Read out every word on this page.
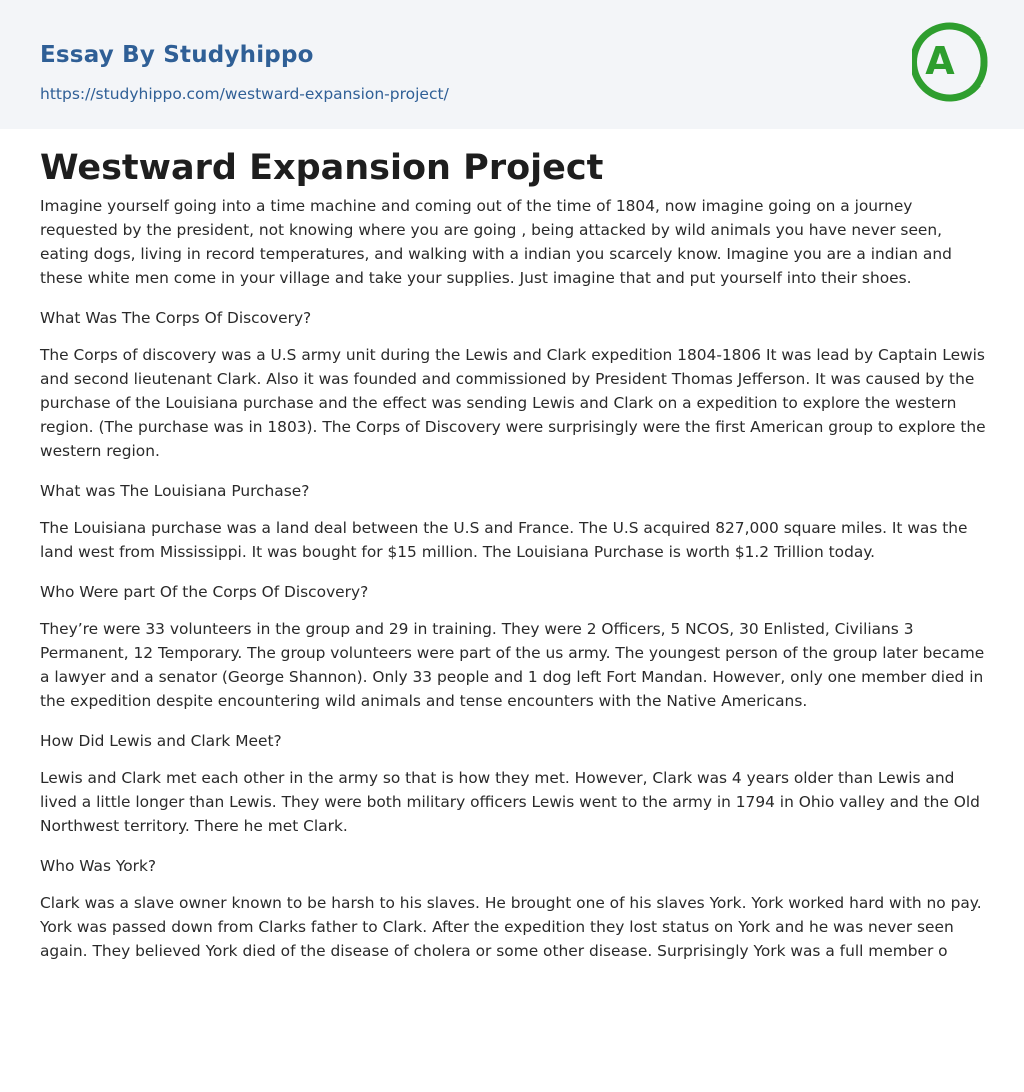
Essay By Studyhippo
https://studyhippo.com/westward-expansion-project/
A
Westward Expansion Project

Imagine yourself going into a time machine and coming out of the time of 1804, now imagine going on a journey requested by the president, not knowing where you are going , being attacked by wild animals you have never seen, eating dogs, living in record temperatures, and walking with a indian you scarcely know. Imagine you are a indian and these white men come in your village and take your supplies. Just imagine that and put yourself into their shoes.

What Was The Corps Of Discovery?

The Corps of discovery was a U.S army unit during the Lewis and Clark expedition 1804-1806 It was lead by Captain Lewis and second lieutenant Clark. Also it was founded and commissioned by President Thomas Jefferson. It was caused by the purchase of the Louisiana purchase and the effect was sending Lewis and Clark on a expedition to explore the western region. (The purchase was in 1803). The Corps of Discovery were surprisingly were the first American group to explore the western region.

What was The Louisiana Purchase?

The Louisiana purchase was a land deal between the U.S and France. The U.S acquired 827,000 square miles. It was the land west from Mississippi. It was bought for $15 million. The Louisiana Purchase is worth $1.2 Trillion today.

Who Were part Of the Corps Of Discovery?

They’re were 33 volunteers in the group and 29 in training. They were 2 Officers, 5 NCOS, 30 Enlisted, Civilians 3 Permanent, 12 Temporary. The group volunteers were part of the us army. The youngest person of the group later became a lawyer and a senator (George Shannon). Only 33 people and 1 dog left Fort Mandan. However, only one member died in the expedition despite encountering wild animals and tense encounters with the Native Americans.

How Did Lewis and Clark Meet?

Lewis and Clark met each other in the army so that is how they met. However, Clark was 4 years older than Lewis and lived a little longer than Lewis. They were both military officers Lewis went to the army in 1794 in Ohio valley and the Old Northwest territory. There he met Clark.

Who Was York?

Clark was a slave owner known to be harsh to his slaves. He brought one of his slaves York. York worked hard with no pay. York was passed down from Clarks father to Clark. After the expedition they lost status on York and he was never seen again. They believed York died of the disease of cholera or some other disease. Surprisingly York was a full member o
